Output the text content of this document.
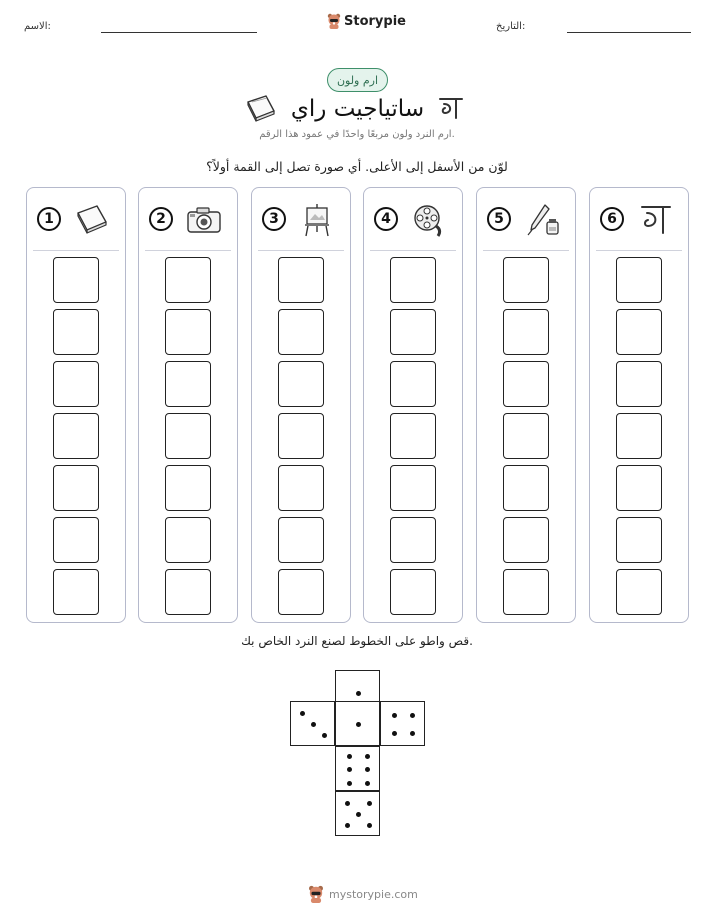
الاسم:	Storypie	التاريخ:
ارم ولون
ساتياجيت راي
ارم النرد ولون مربعًا واحدًا في عمود هذا الرقم.
لوّن من الأسفل إلى الأعلى. أي صورة تصل إلى القمة أولاً؟
1	2	3	4	5	6
قص واطو على الخطوط لصنع النرد الخاص بك.
mystorypie.com
